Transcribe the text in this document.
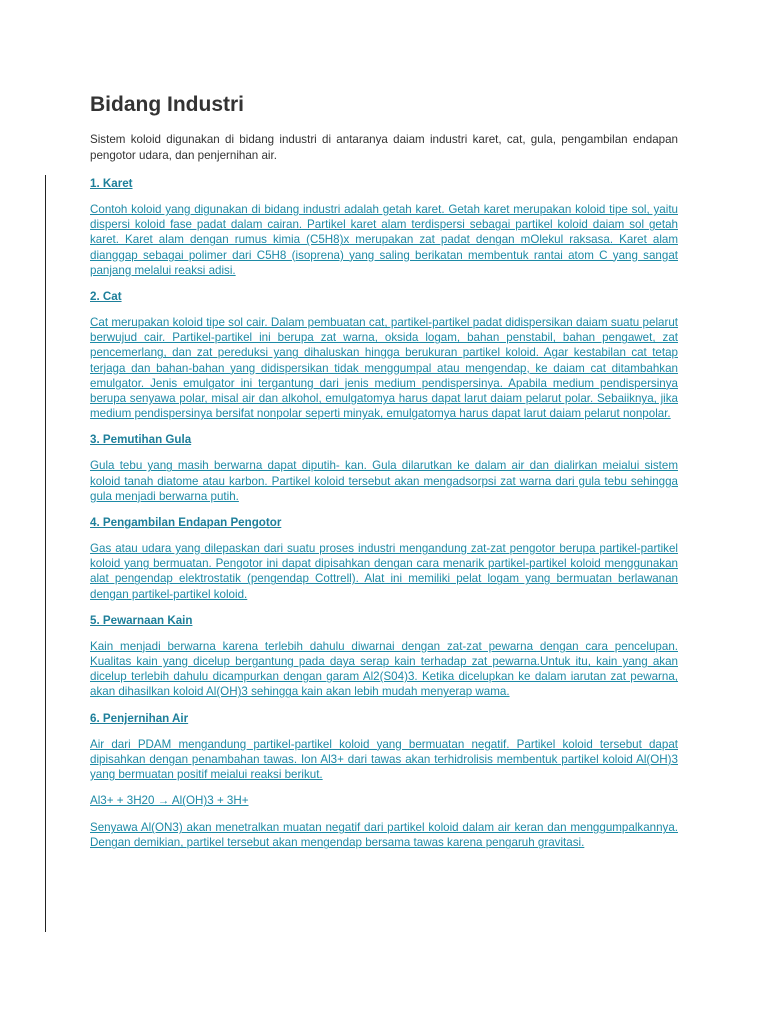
Bidang Industri

Sistem koloid digunakan di bidang industri di antaranya daiam industri karet, cat, gula, pengambilan endapan pengotor udara, dan penjernihan air.

1. Karet

Contoh koloid yang digunakan di bidang industri adalah getah karet. Getah karet merupakan koloid tipe sol, yaitu dispersi koloid fase padat dalam cairan. Partikel karet alam terdispersi sebagai partikel koloid daiam sol getah karet. Karet alam dengan rumus kimia (C5H8)x merupakan zat padat dengan mOlekul raksasa. Karet alam dianggap sebagai polimer dari C5H8 (isoprena) yang saling berikatan membentuk rantai atom C yang sangat panjang melalui reaksi adisi.

2. Cat

Cat merupakan koloid tipe sol cair. Dalam pembuatan cat, partikel-partikel padat didispersikan daiam suatu pelarut berwujud cair. Partikel-partikel ini berupa zat warna, oksida logam, bahan penstabil, bahan pengawet, zat pencemerlang, dan zat pereduksi yang dihaluskan hingga berukuran partikel koloid. Agar kestabilan cat tetap terjaga dan bahan-bahan yang didispersikan tidak menggumpal atau mengendap, ke daiam cat ditambahkan emulgator. Jenis emulgator ini tergantung dari jenis medium pendispersinya. Apabila medium pendispersinya berupa senyawa polar, misal air dan alkohol, emulgatomya harus dapat larut daiam pelarut polar. Sebaiiknya, jika medium pendispersinya bersifat nonpolar seperti minyak, emulgatomya harus dapat larut daiam pelarut nonpolar.

3. Pemutihan Gula

Gula tebu yang masih berwarna dapat diputih- kan. Gula dilarutkan ke dalam air dan dialirkan meialui sistem koloid tanah diatome atau karbon. Partikel koloid tersebut akan mengadsorpsi zat warna dari gula tebu sehingga gula menjadi berwarna putih.

4. Pengambilan Endapan Pengotor

Gas atau udara yang dilepaskan dari suatu proses industri mengandung zat-zat pengotor berupa partikel-partikel koloid yang bermuatan. Pengotor ini dapat dipisahkan dengan cara menarik partikel-partikel koloid menggunakan alat pengendap elektrostatik (pengendap Cottrell). Alat ini memiliki pelat logam yang bermuatan berlawanan dengan partikel-partikel koloid.

5. Pewarnaan Kain

Kain menjadi berwarna karena terlebih dahulu diwarnai dengan zat-zat pewarna dengan cara pencelupan. Kualitas kain yang dicelup bergantung pada daya serap kain terhadap zat pewarna.Untuk itu, kain yang akan dicelup terlebih dahulu dicampurkan dengan garam Al2(S04)3. Ketika dicelupkan ke dalam iarutan zat pewarna, akan dihasilkan koloid Al(OH)3 sehingga kain akan lebih mudah menyerap wama.

6. Penjernihan Air

Air dari PDAM mengandung partikel-partikel koloid yang bermuatan negatif. Partikel koloid tersebut dapat dipisahkan dengan penambahan tawas. Ion Al3+ dari tawas akan terhidrolisis membentuk partikel koloid Al(OH)3 yang bermuatan positif meialui reaksi berikut.

Al3+ + 3H20 → Al(OH)3 + 3H+

Senyawa Al(ON3) akan menetralkan muatan negatif dari partikel koloid dalam air keran dan menggumpalkannya. Dengan demikian, partikel tersebut akan mengendap bersama tawas karena pengaruh gravitasi.
